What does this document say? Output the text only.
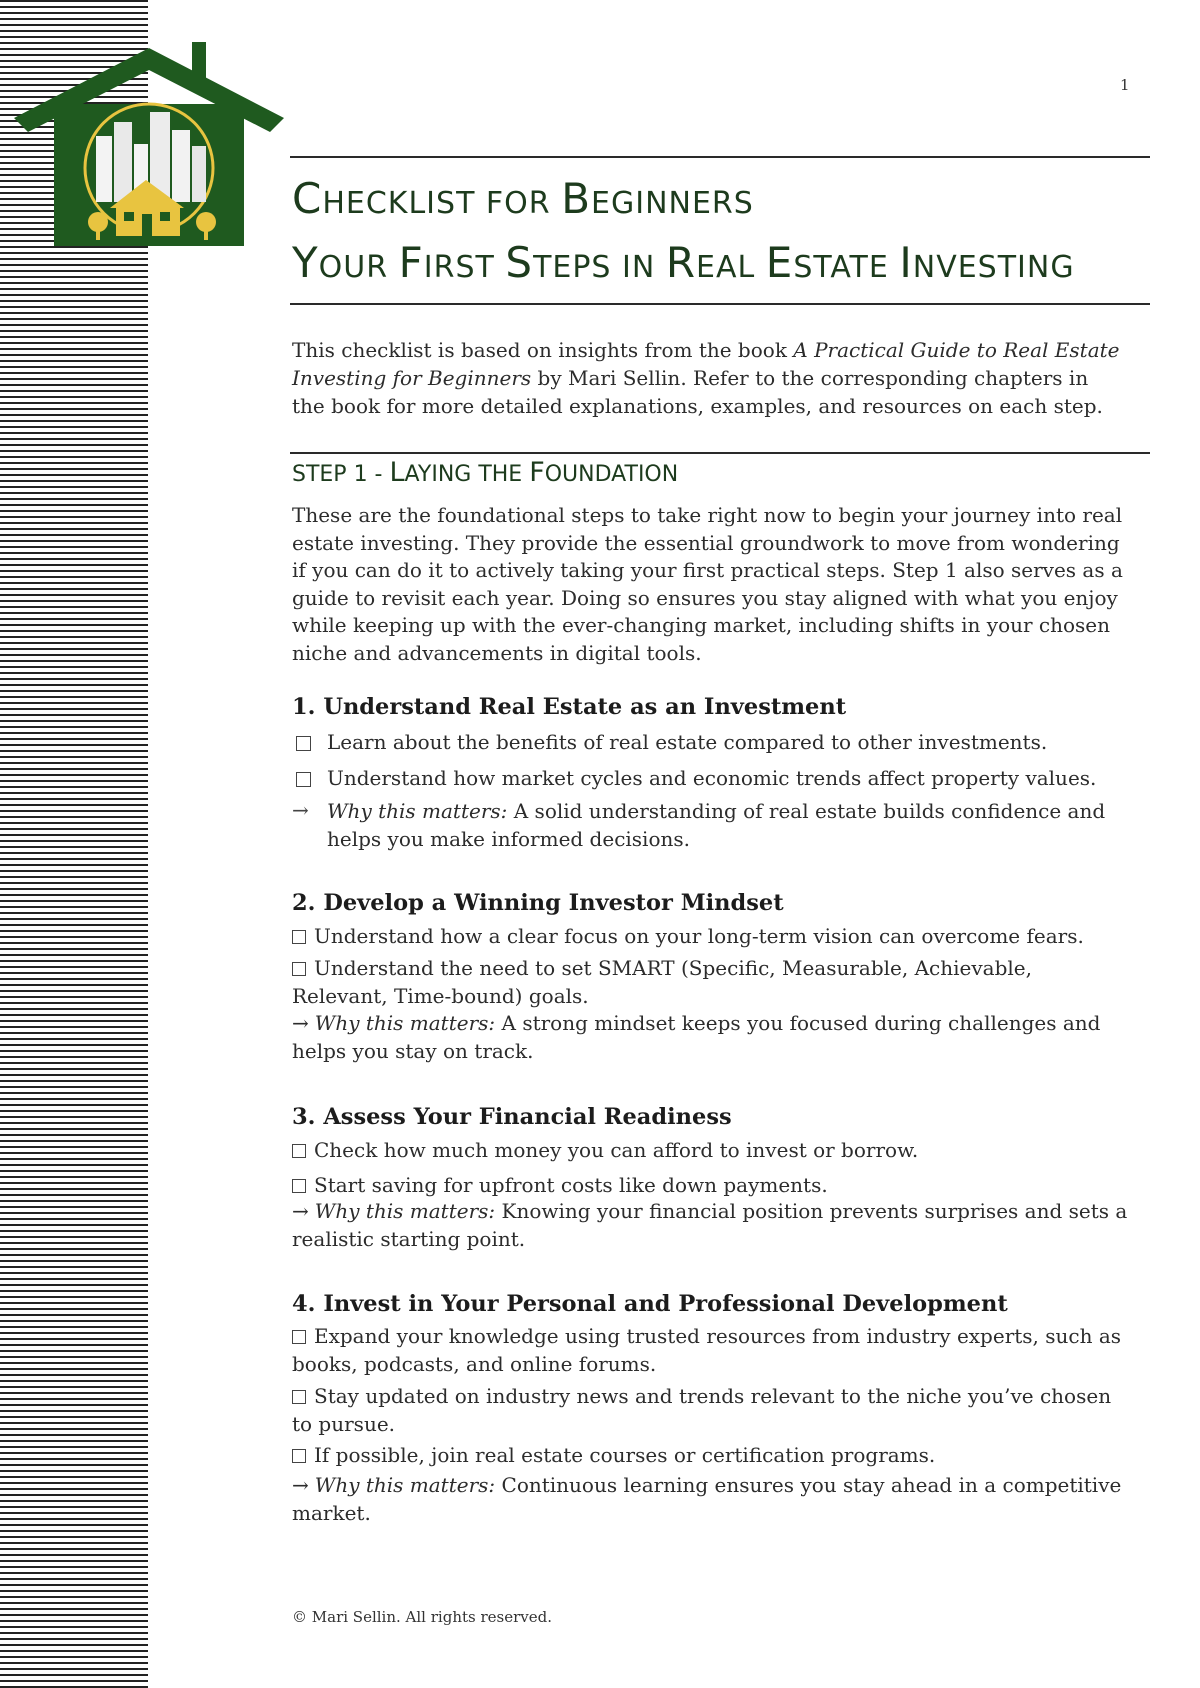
1
CHECKLIST FOR BEGINNERS
YOUR FIRST STEPS IN REAL ESTATE INVESTING
This checklist is based on insights from the book A Practical Guide to Real Estate Investing for Beginners by Mari Sellin. Refer to the corresponding chapters in the book for more detailed explanations, examples, and resources on each step.
STEP 1 - LAYING THE FOUNDATION
These are the foundational steps to take right now to begin your journey into real estate investing. They provide the essential groundwork to move from wondering if you can do it to actively taking your first practical steps. Step 1 also serves as a guide to revisit each year. Doing so ensures you stay aligned with what you enjoy while keeping up with the ever-changing market, including shifts in your chosen niche and advancements in digital tools.
1. Understand Real Estate as an Investment
Learn about the benefits of real estate compared to other investments.
Understand how market cycles and economic trends affect property values.
→ Why this matters: A solid understanding of real estate builds confidence and helps you make informed decisions.
2. Develop a Winning Investor Mindset
Understand how a clear focus on your long-term vision can overcome fears.
Understand the need to set SMART (Specific, Measurable, Achievable, Relevant, Time-bound) goals.
→ Why this matters: A strong mindset keeps you focused during challenges and helps you stay on track.
3. Assess Your Financial Readiness
Check how much money you can afford to invest or borrow.
Start saving for upfront costs like down payments.
→ Why this matters: Knowing your financial position prevents surprises and sets a realistic starting point.
4. Invest in Your Personal and Professional Development
Expand your knowledge using trusted resources from industry experts, such as books, podcasts, and online forums.
Stay updated on industry news and trends relevant to the niche you’ve chosen to pursue.
If possible, join real estate courses or certification programs.
→ Why this matters: Continuous learning ensures you stay ahead in a competitive market.
© Mari Sellin. All rights reserved.
